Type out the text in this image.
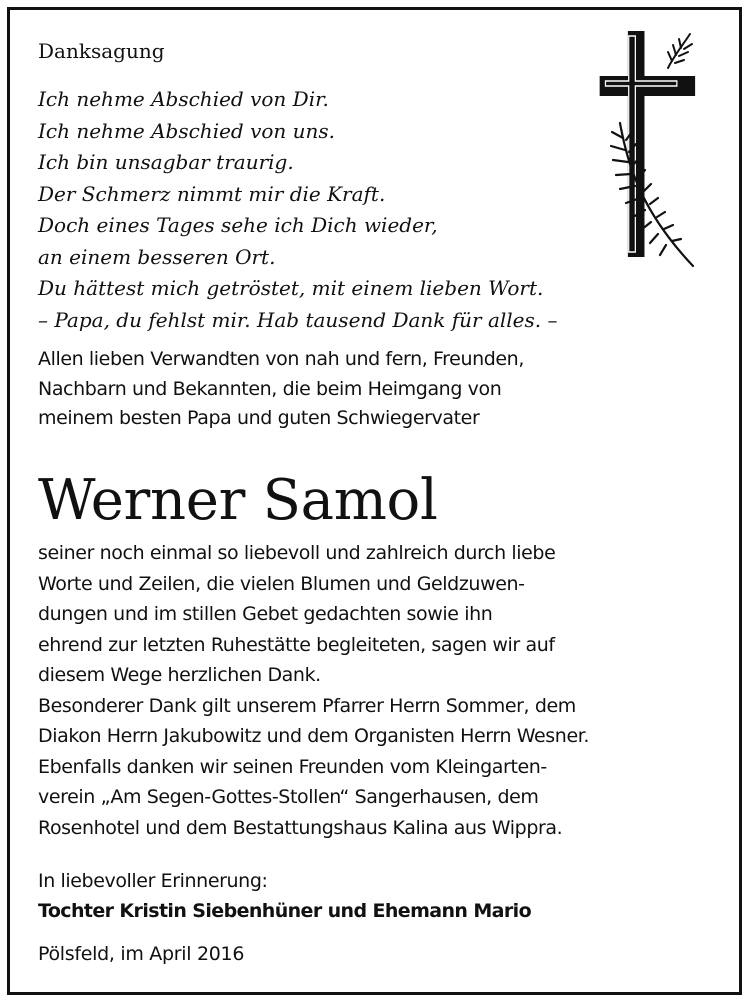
Danksagung
Ich nehme Abschied von Dir.
Ich nehme Abschied von uns.
Ich bin unsagbar traurig.
Der Schmerz nimmt mir die Kraft.
Doch eines Tages sehe ich Dich wieder,
an einem besseren Ort.
Du hättest mich getröstet, mit einem lieben Wort.
– Papa, du fehlst mir. Hab tausend Dank für alles. –
Allen lieben Verwandten von nah und fern, Freunden,
Nachbarn und Bekannten, die beim Heimgang von
meinem besten Papa und guten Schwiegervater
Werner Samol
seiner noch einmal so liebevoll und zahlreich durch liebe
Worte und Zeilen, die vielen Blumen und Geldzuwen-
dungen und im stillen Gebet gedachten sowie ihn
ehrend zur letzten Ruhestätte begleiteten, sagen wir auf
diesem Wege herzlichen Dank.
Besonderer Dank gilt unserem Pfarrer Herrn Sommer, dem
Diakon Herrn Jakubowitz und dem Organisten Herrn Wesner.
Ebenfalls danken wir seinen Freunden vom Kleingarten-
verein „Am Segen-Gottes-Stollen“ Sangerhausen, dem
Rosenhotel und dem Bestattungshaus Kalina aus Wippra.
In liebevoller Erinnerung:
Tochter Kristin Siebenhüner und Ehemann Mario
Pölsfeld, im April 2016
